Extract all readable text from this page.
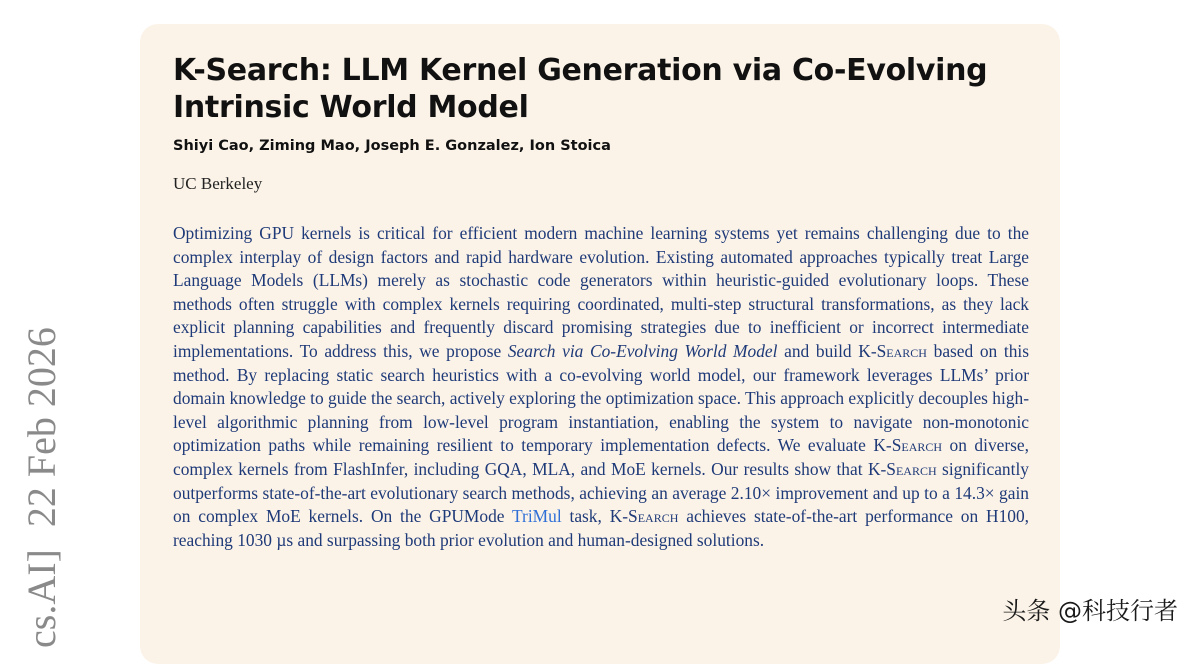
cs.AI]22 Feb 2026
K-Search: LLM Kernel Generation via Co-Evolving Intrinsic World Model
Shiyi Cao, Ziming Mao, Joseph E. Gonzalez, Ion Stoica
UC Berkeley

Optimizing GPU kernels is critical for efficient modern machine learning systems yet remains challenging due to the complex interplay of design factors and rapid hardware evolution. Existing automated approaches typically treat Large Language Models (LLMs) merely as stochastic code generators within heuristic-guided evolutionary loops. These methods often struggle with complex kernels requiring coordinated, multi-step structural transformations, as they lack explicit planning capabilities and frequently discard promising strategies due to inefficient or incorrect intermediate implementations. To address this, we propose Search via Co-Evolving World Model and build K-Search based on this method. By replacing static search heuristics with a co-evolving world model, our framework leverages LLMs’ prior domain knowledge to guide the search, actively exploring the optimization space. This approach explicitly decouples high-level algorithmic planning from low-level program instantiation, enabling the system to navigate non-monotonic optimization paths while remaining resilient to temporary implementation defects. We evaluate K-Search on diverse, complex kernels from FlashInfer, including GQA, MLA, and MoE kernels. Our results show that K-Search significantly outperforms state-of-the-art evolutionary search methods, achieving an average 2.10× improvement and up to a 14.3× gain on complex MoE kernels. On the GPUMode TriMul task, K-Search achieves state-of-the-art performance on H100, reaching 1030 µs and surpassing both prior evolution and human-designed solutions.

头条 @科技行者
